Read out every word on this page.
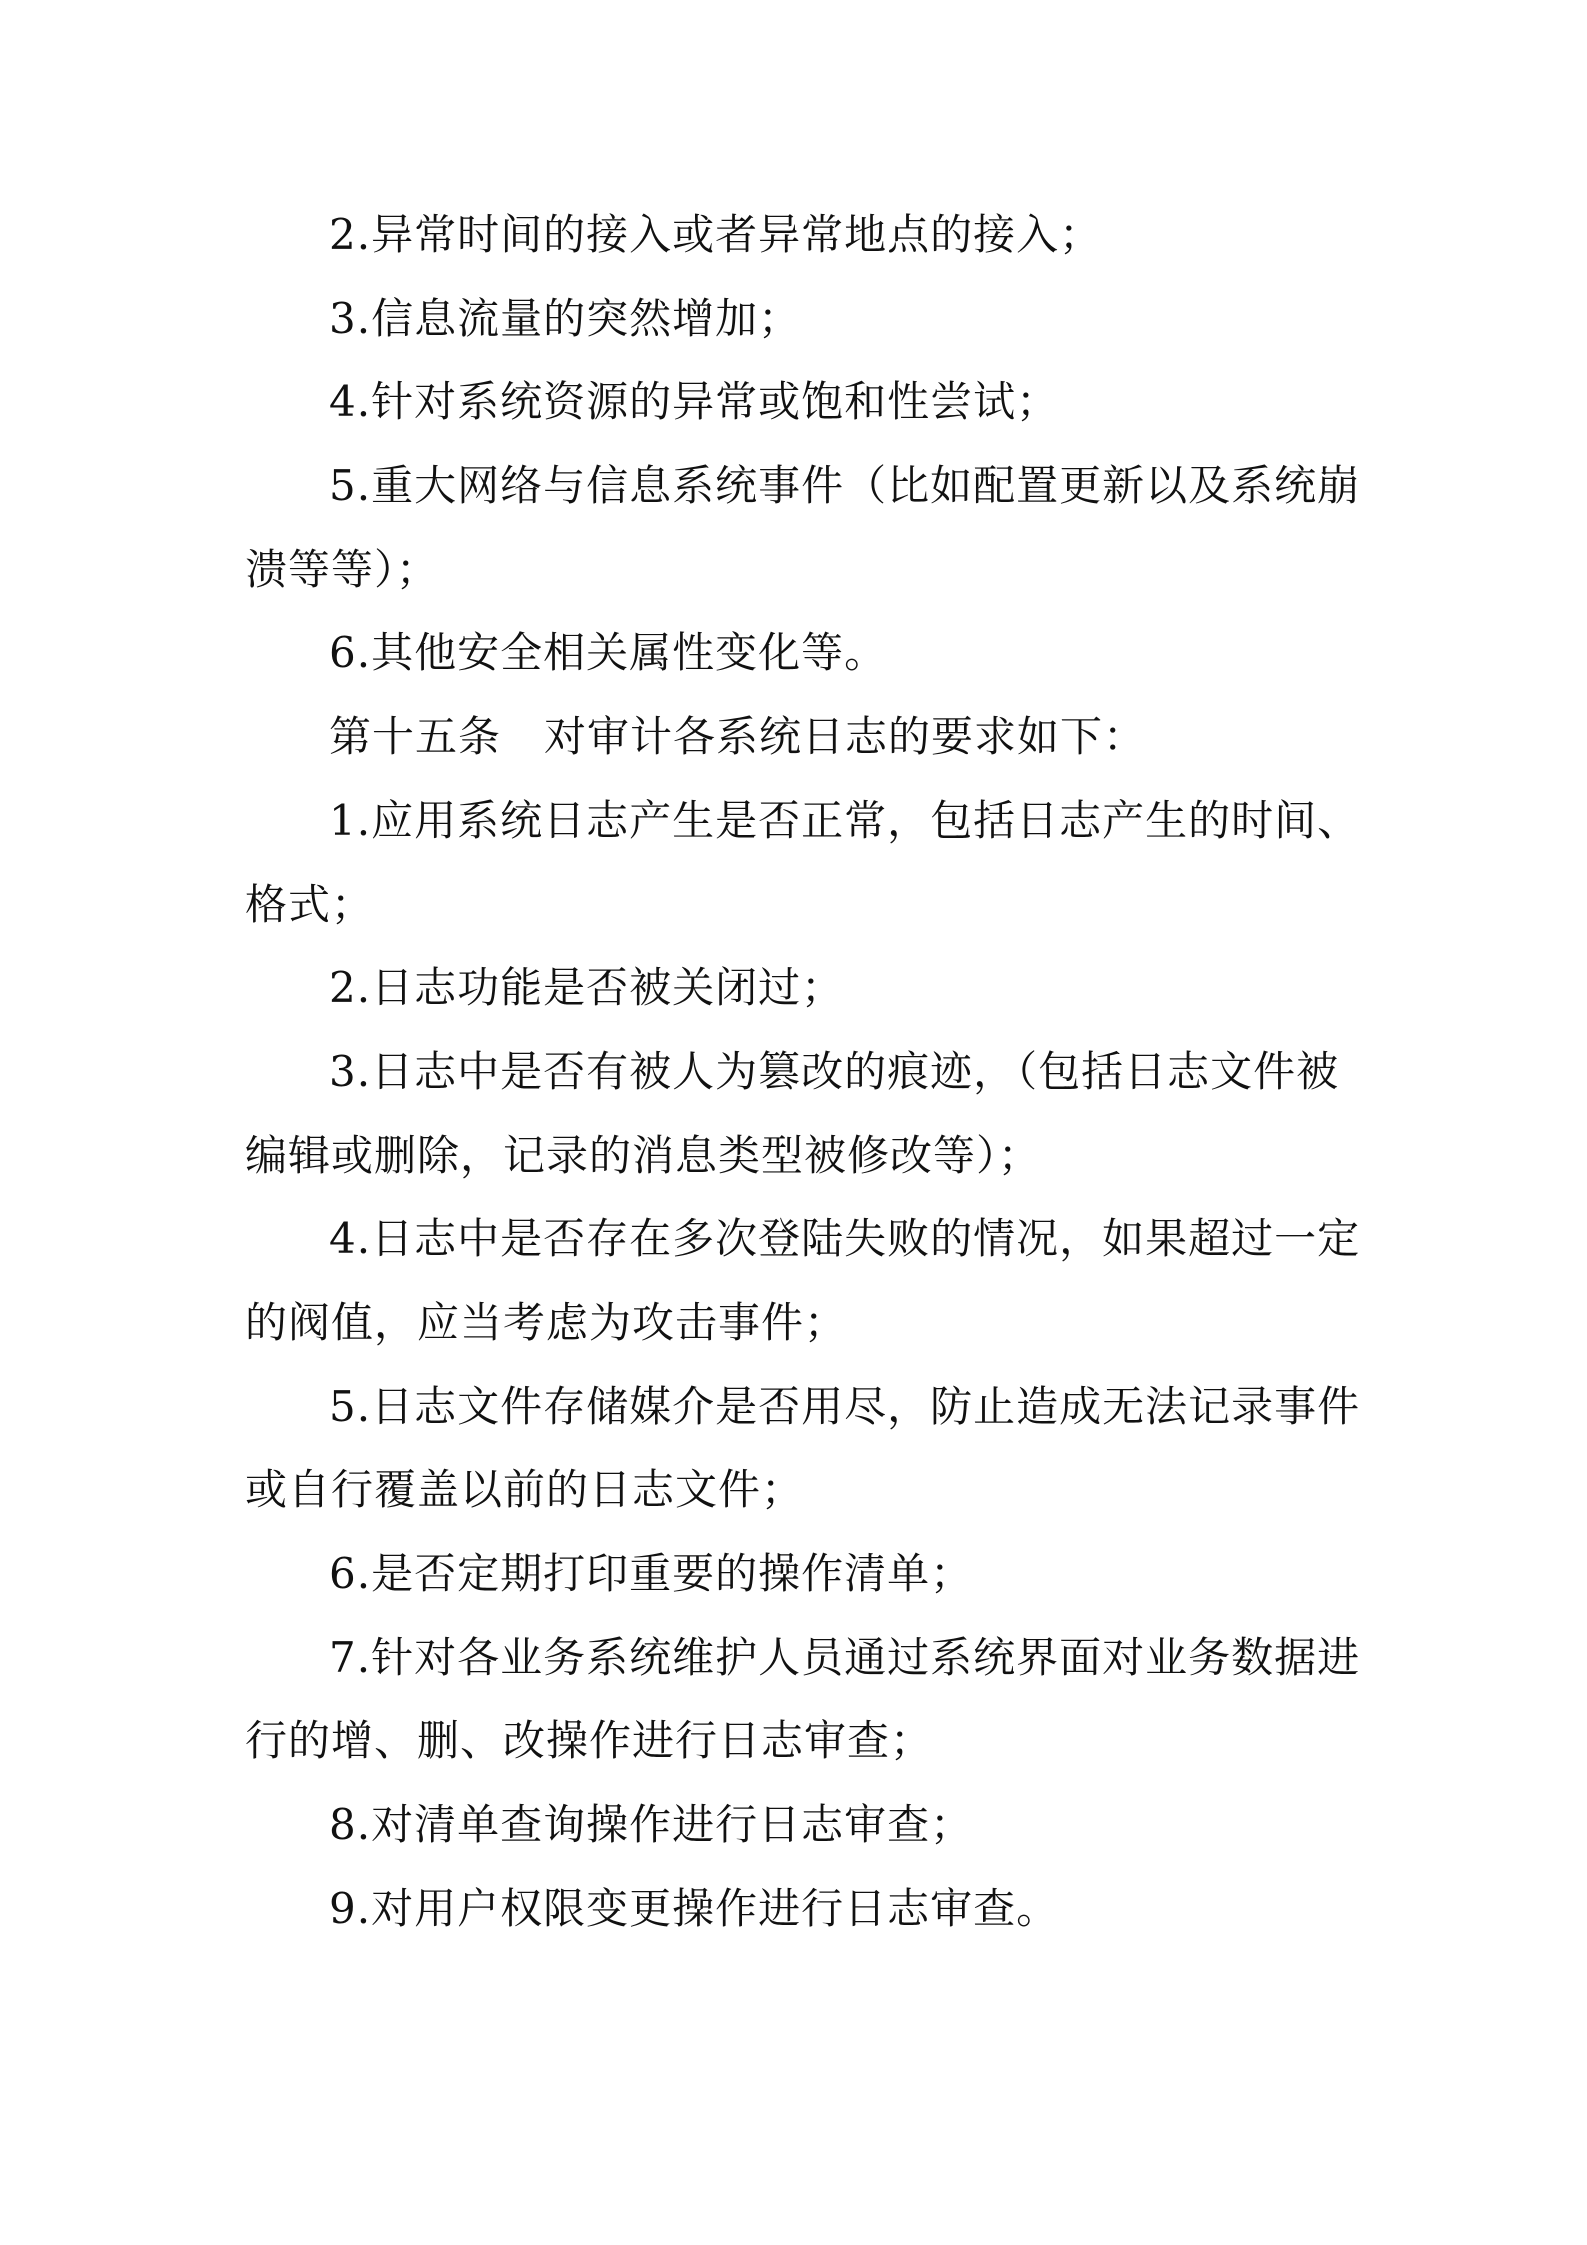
2.异常时间的接入或者异常地点的接入；
3.信息流量的突然增加；
4.针对系统资源的异常或饱和性尝试；
5.重大网络与信息系统事件（比如配置更新以及系统崩
溃等等）；
6.其他安全相关属性变化等。
第十五条　对审计各系统日志的要求如下：
1.应用系统日志产生是否正常，包括日志产生的时间、
格式；
2.日志功能是否被关闭过；
3.日志中是否有被人为篡改的痕迹，（包括日志文件被
编辑或删除，记录的消息类型被修改等）；
4.日志中是否存在多次登陆失败的情况，如果超过一定
的阀值，应当考虑为攻击事件；
5.日志文件存储媒介是否用尽，防止造成无法记录事件
或自行覆盖以前的日志文件；
6.是否定期打印重要的操作清单；
7.针对各业务系统维护人员通过系统界面对业务数据进
行的增、删、改操作进行日志审查；
8.对清单查询操作进行日志审查；
9.对用户权限变更操作进行日志审查。
